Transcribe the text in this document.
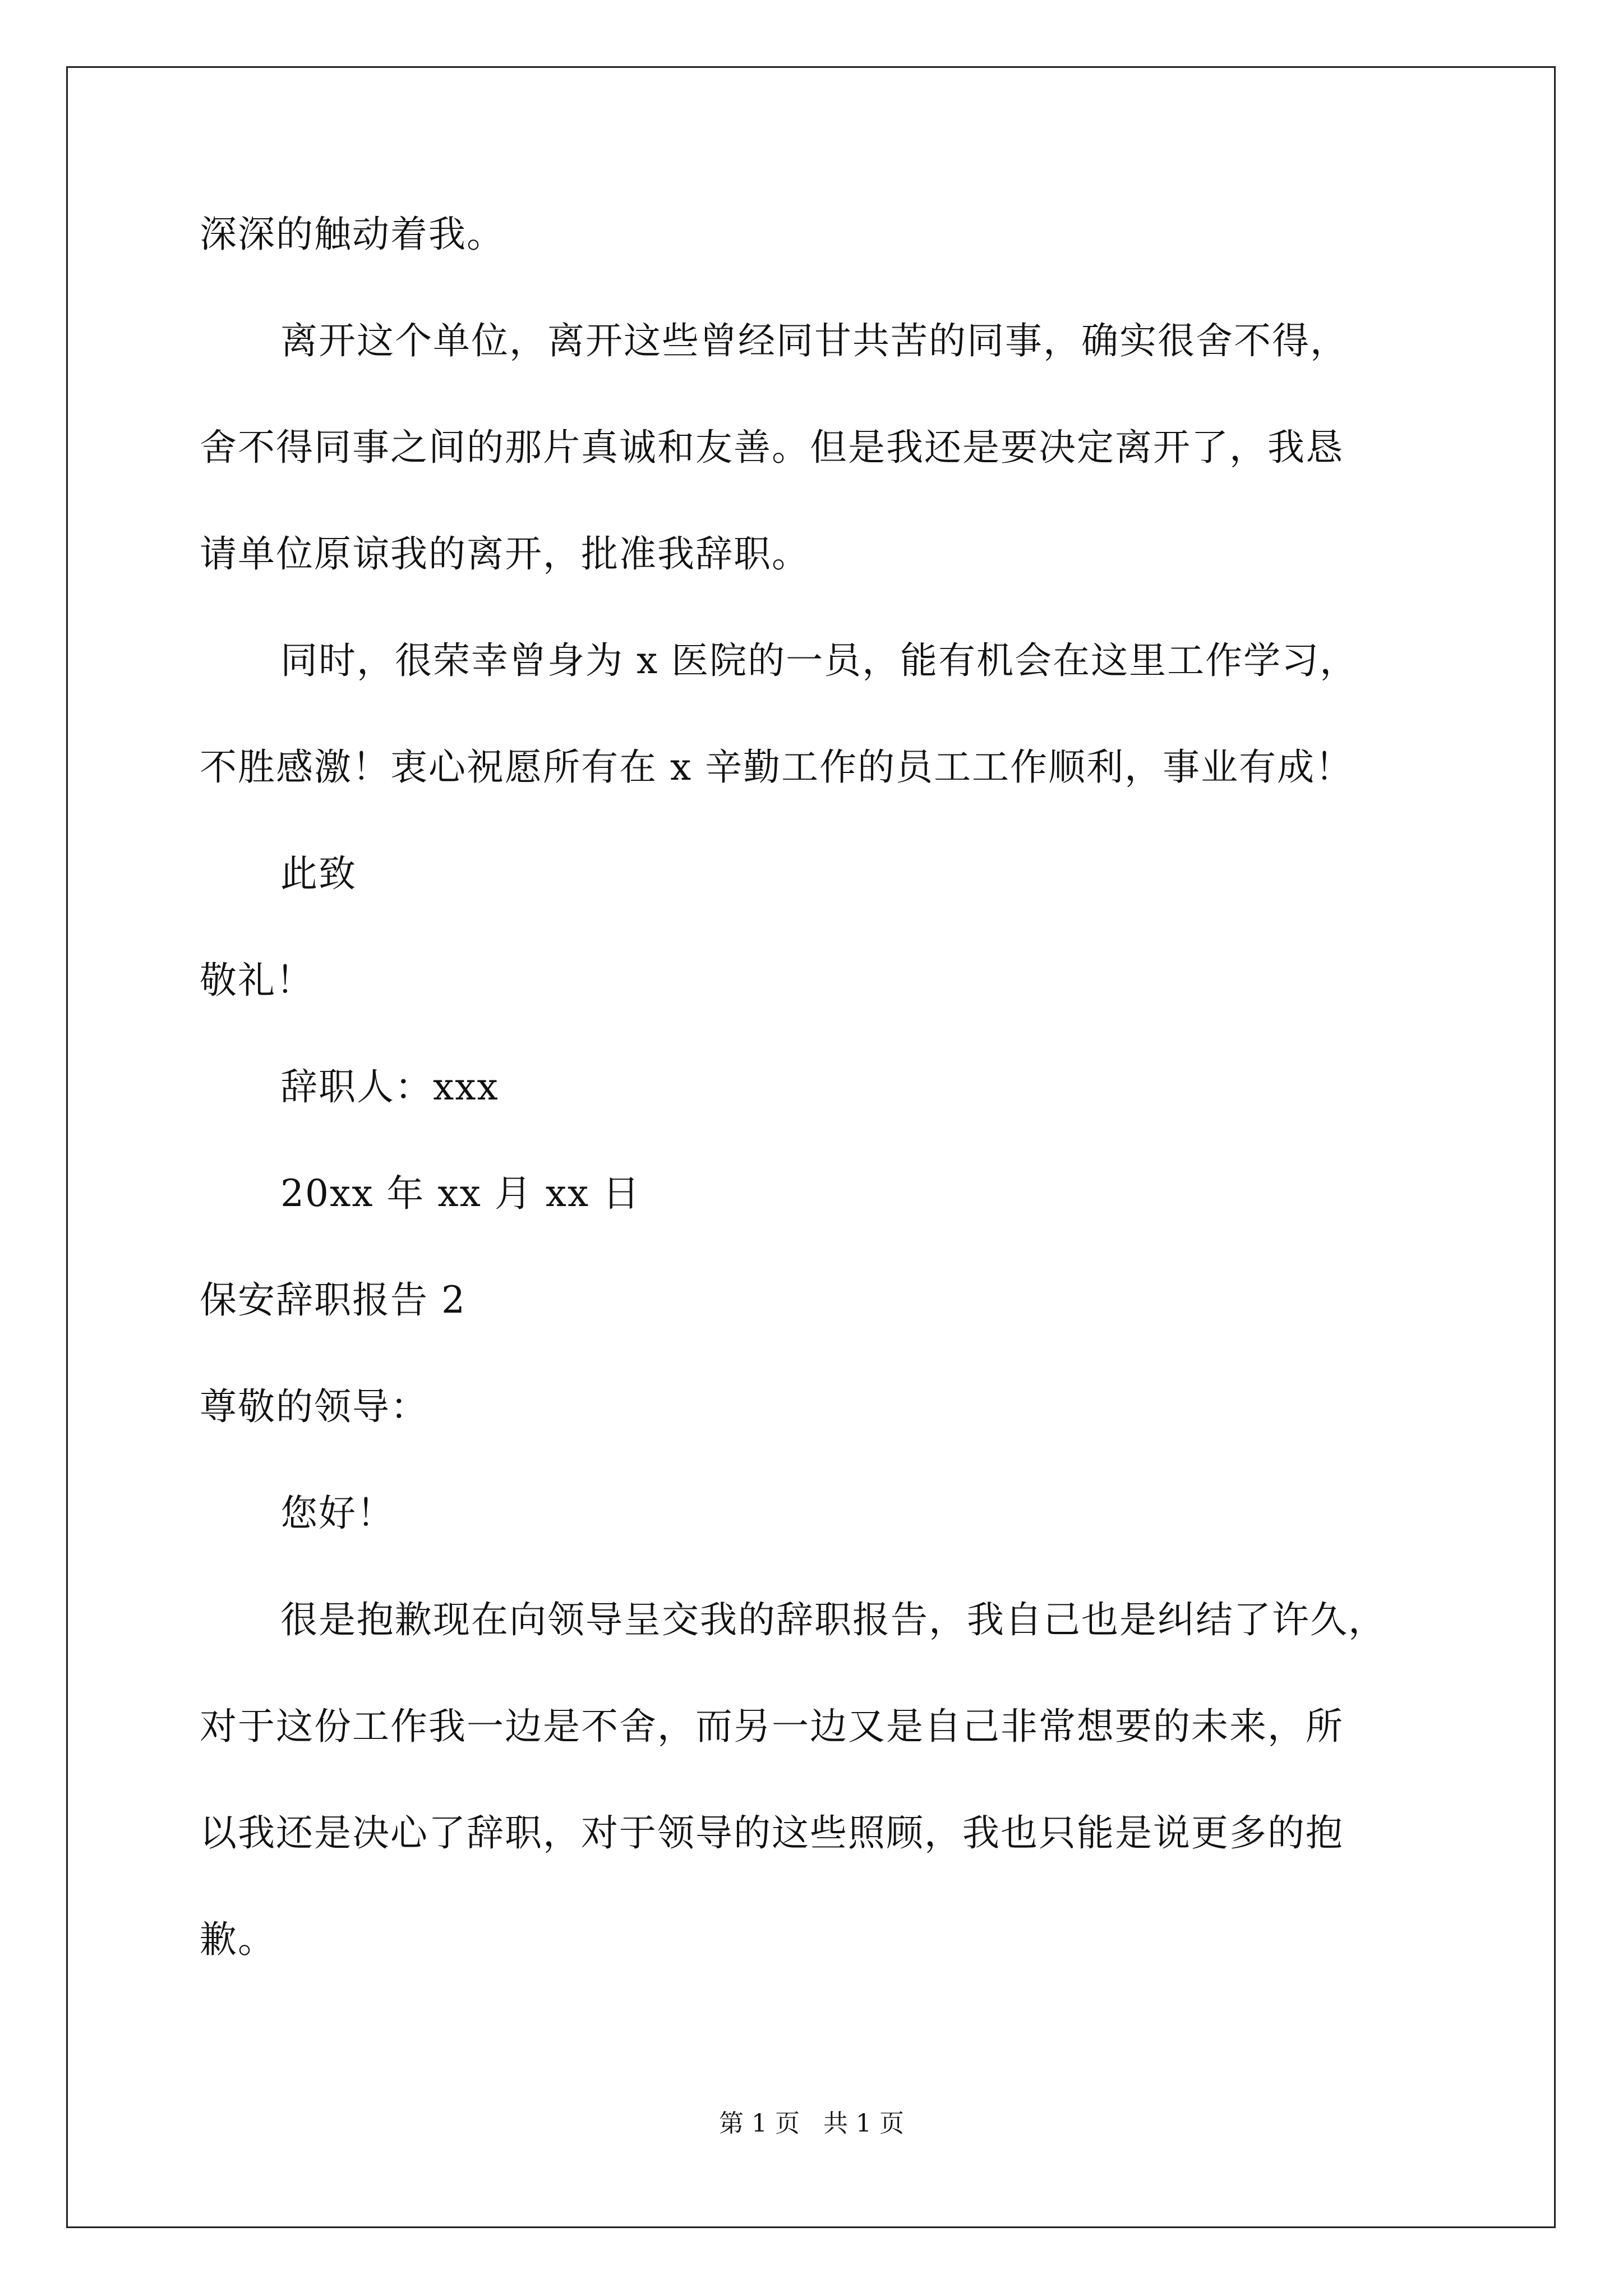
深深的触动着我。
离开这个单位，离开这些曾经同甘共苦的同事，确实很舍不得，
舍不得同事之间的那片真诚和友善。但是我还是要决定离开了，我恳
请单位原谅我的离开，批准我辞职。
同时，很荣幸曾身为 x 医院的一员，能有机会在这里工作学习，
不胜感激！衷心祝愿所有在 x 辛勤工作的员工工作顺利，事业有成！
此致
敬礼！
辞职人：xxx
20xx 年 xx 月 xx 日
保安辞职报告 2
尊敬的领导：
您好！
很是抱歉现在向领导呈交我的辞职报告，我自己也是纠结了许久，
对于这份工作我一边是不舍，而另一边又是自己非常想要的未来，所
以我还是决心了辞职，对于领导的这些照顾，我也只能是说更多的抱
歉。
第 1 页   共 1 页
